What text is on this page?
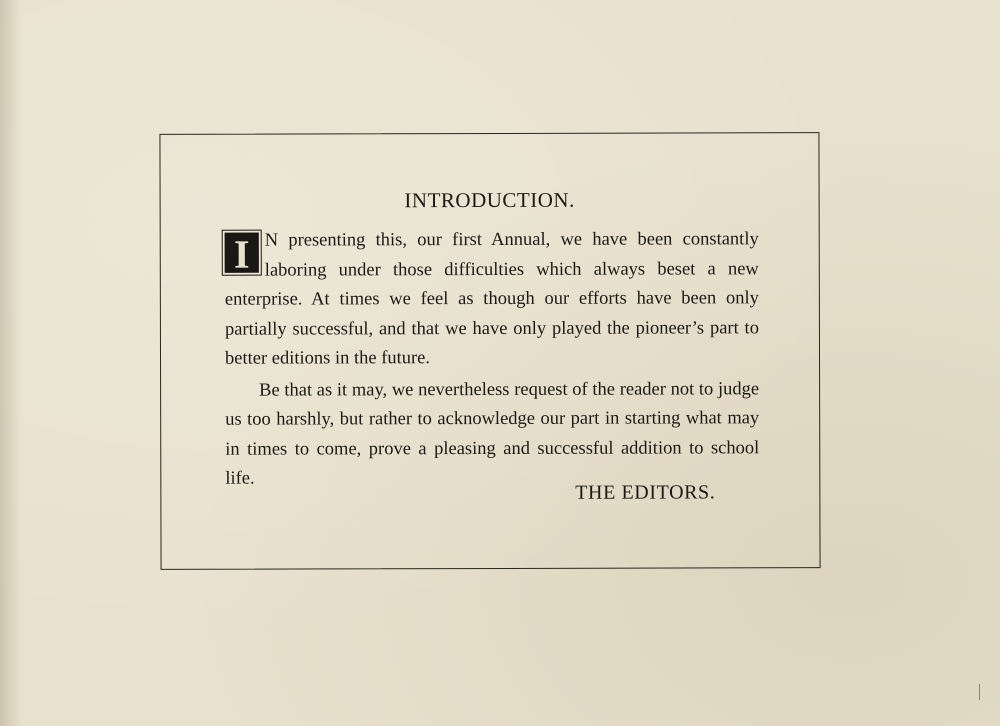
INTRODUCTION.

I N presenting this, our first Annual, we have been constantly laboring under those difficulties which always beset a new enterprise. At times we feel as though our efforts have been only partially successful, and that we have only played the pioneer’s part to better editions in the future.

Be that as it may, we nevertheless request of the reader not to judge us too harshly, but rather to acknowledge our part in starting what may in times to come, prove a pleasing and successful addition to school life.

THE EDITORS.
